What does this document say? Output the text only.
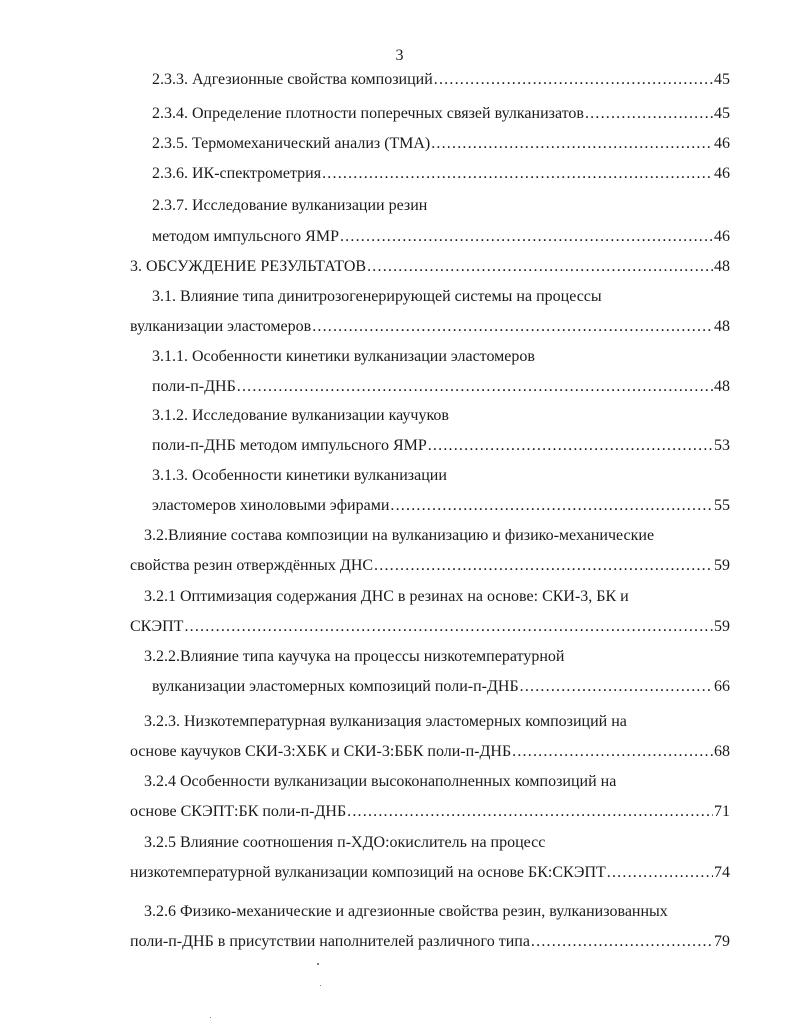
3
2.3.3. Адгезионные свойства композиций .....	45
2.3.4. Определение плотности поперечных связей вулканизатов .....	45
2.3.5. Термомеханический анализ (ТМА) .....	46
2.3.6. ИК-спектрометрия .....	46
2.3.7. Исследование вулканизации резин
методом импульсного ЯМР .....	46
3. ОБСУЖДЕНИЕ РЕЗУЛЬТАТОВ .....	48
3.1. Влияние типа динитрозогенерирующей системы на процессы
вулканизации эластомеров .....	48
3.1.1. Особенности кинетики вулканизации эластомеров
поли-п-ДНБ .....	48
3.1.2. Исследование вулканизации каучуков
поли-п-ДНБ методом импульсного ЯМР .....	53
3.1.3. Особенности кинетики вулканизации
эластомеров хиноловыми эфирами .....	55
3.2.Влияние состава композиции на вулканизацию и физико-механические
свойства резин отверждённых ДНС .....	59
3.2.1 Оптимизация содержания ДНС в резинах на основе: СКИ-3, БК и
СКЭПТ .....	59
3.2.2.Влияние типа каучука на процессы низкотемпературной
вулканизации эластомерных композиций поли-п-ДНБ .....	66
3.2.3. Низкотемпературная вулканизация эластомерных композиций на
основе каучуков СКИ-3:ХБК и СКИ-3:ББК поли-п-ДНБ .....	68
3.2.4 Особенности вулканизации высоконаполненных композиций на
основе СКЭПТ:БК поли-п-ДНБ .....	71
3.2.5 Влияние соотношения п-ХДО:окислитель на процесс
низкотемпературной вулканизации композиций на основе БК:СКЭПТ .....	74
3.2.6 Физико-механические и адгезионные свойства резин, вулканизованных
поли-п-ДНБ в присутствии наполнителей различного типа .....	79
